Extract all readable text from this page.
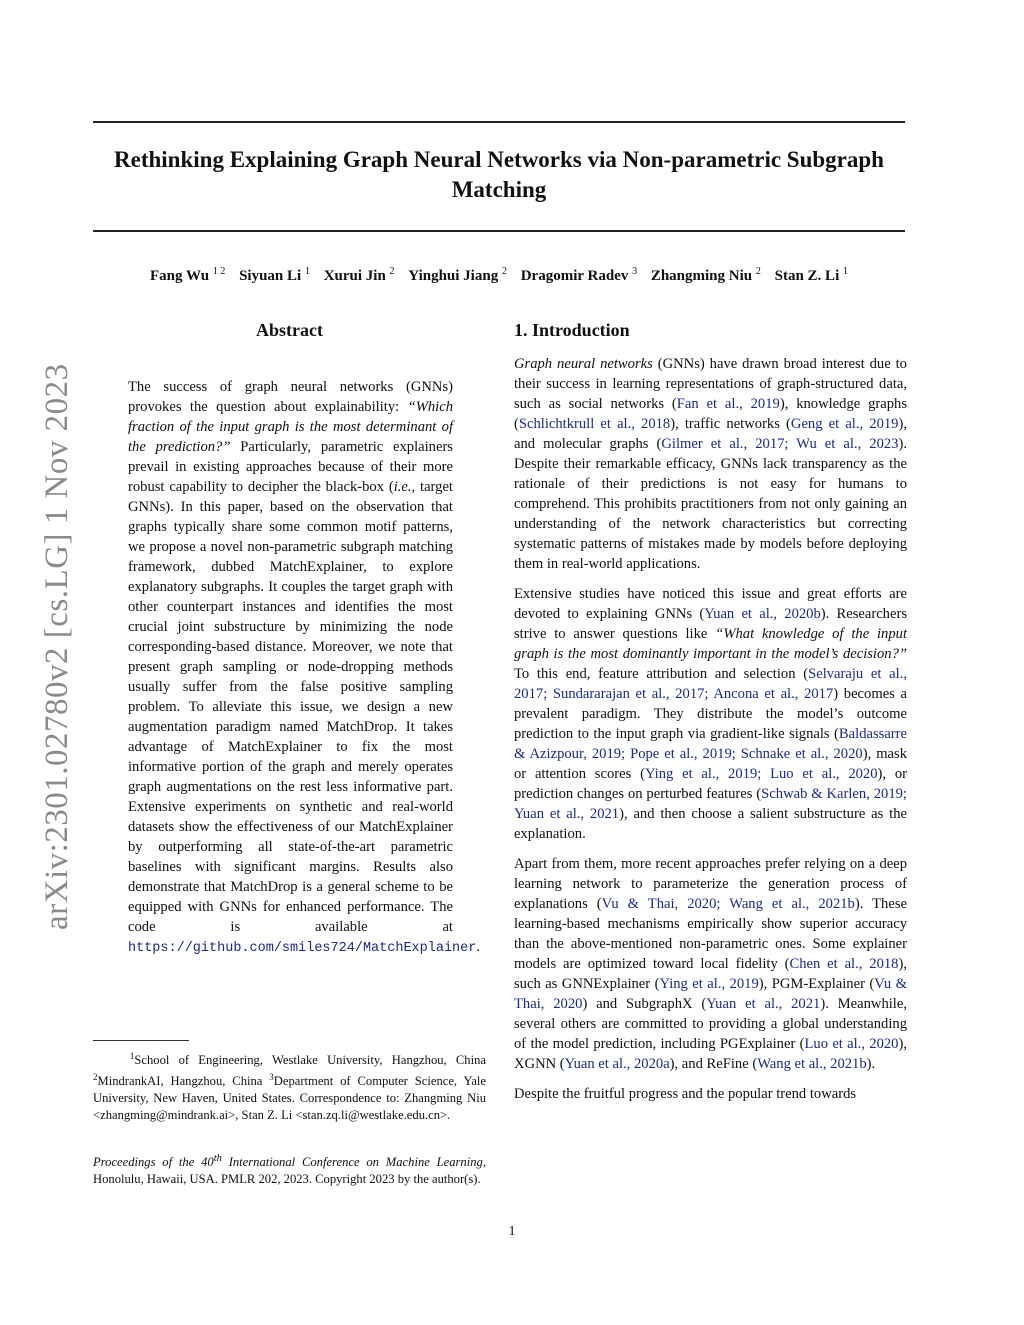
Rethinking Explaining Graph Neural Networks via Non-parametric Subgraph Matching
Fang Wu $^{1 2}$ Siyuan Li $^1$ Xurui Jin $^2$ Yinghui Jiang $^2$ Dragomir Radev $^3$ Zhangming Niu $^2$ Stan Z. Li $^1$
arXiv:2301.02780v2 [cs.LG] 1 Nov 2023
Abstract
The success of graph neural networks (GNNs) provokes the question about explainability: “Which fraction of the input graph is the most determinant of the prediction?” Particularly, parametric explainers prevail in existing approaches because of their more robust capability to decipher the black-box (i.e., target GNNs). In this paper, based on the observation that graphs typically share some common motif patterns, we propose a novel non-parametric subgraph matching framework, dubbed MatchExplainer, to explore explanatory subgraphs. It couples the target graph with other counterpart instances and identifies the most crucial joint substructure by minimizing the node corresponding-based distance. Moreover, we note that present graph sampling or node-dropping methods usually suffer from the false positive sampling problem. To alleviate this issue, we design a new augmentation paradigm named MatchDrop. It takes advantage of MatchExplainer to fix the most informative portion of the graph and merely operates graph augmentations on the rest less informative part. Extensive experiments on synthetic and real-world datasets show the effectiveness of our MatchExplainer by outperforming all state-of-the-art parametric baselines with significant margins. Results also demonstrate that MatchDrop is a general scheme to be equipped with GNNs for enhanced performance. The code is available at https://github.com/smiles724/MatchExplainer.
$^1$School of Engineering, Westlake University, Hangzhou, China $^2$MindrankAI, Hangzhou, China $^3$Department of Computer Science, Yale University, New Haven, United States. Correspondence to: Zhangming Niu <zhangming@mindrank.ai>, Stan Z. Li <stan.zq.li@westlake.edu.cn>.
Proceedings of the 40th International Conference on Machine Learning, Honolulu, Hawaii, USA. PMLR 202, 2023. Copyright 2023 by the author(s).
1. Introduction

Graph neural networks (GNNs) have drawn broad interest due to their success in learning representations of graph-structured data, such as social networks (Fan et al., 2019), knowledge graphs (Schlichtkrull et al., 2018), traffic networks (Geng et al., 2019), and molecular graphs (Gilmer et al., 2017; Wu et al., 2023). Despite their remarkable efficacy, GNNs lack transparency as the rationale of their predictions is not easy for humans to comprehend. This prohibits practitioners from not only gaining an understanding of the network characteristics but correcting systematic patterns of mistakes made by models before deploying them in real-world applications.

Extensive studies have noticed this issue and great efforts are devoted to explaining GNNs (Yuan et al., 2020b). Researchers strive to answer questions like “What knowledge of the input graph is the most dominantly important in the model’s decision?” To this end, feature attribution and selection (Selvaraju et al., 2017; Sundararajan et al., 2017; Ancona et al., 2017) becomes a prevalent paradigm. They distribute the model’s outcome prediction to the input graph via gradient-like signals (Baldassarre & Azizpour, 2019; Pope et al., 2019; Schnake et al., 2020), mask or attention scores (Ying et al., 2019; Luo et al., 2020), or prediction changes on perturbed features (Schwab & Karlen, 2019; Yuan et al., 2021), and then choose a salient substructure as the explanation.

Apart from them, more recent approaches prefer relying on a deep learning network to parameterize the generation process of explanations (Vu & Thai, 2020; Wang et al., 2021b). These learning-based mechanisms empirically show superior accuracy than the above-mentioned non-parametric ones. Some explainer models are optimized toward local fidelity (Chen et al., 2018), such as GNNExplainer (Ying et al., 2019), PGM-Explainer (Vu & Thai, 2020) and SubgraphX (Yuan et al., 2021). Meanwhile, several others are committed to providing a global understanding of the model prediction, including PGExplainer (Luo et al., 2020), XGNN (Yuan et al., 2020a), and ReFine (Wang et al., 2021b).

Despite the fruitful progress and the popular trend towards

1
